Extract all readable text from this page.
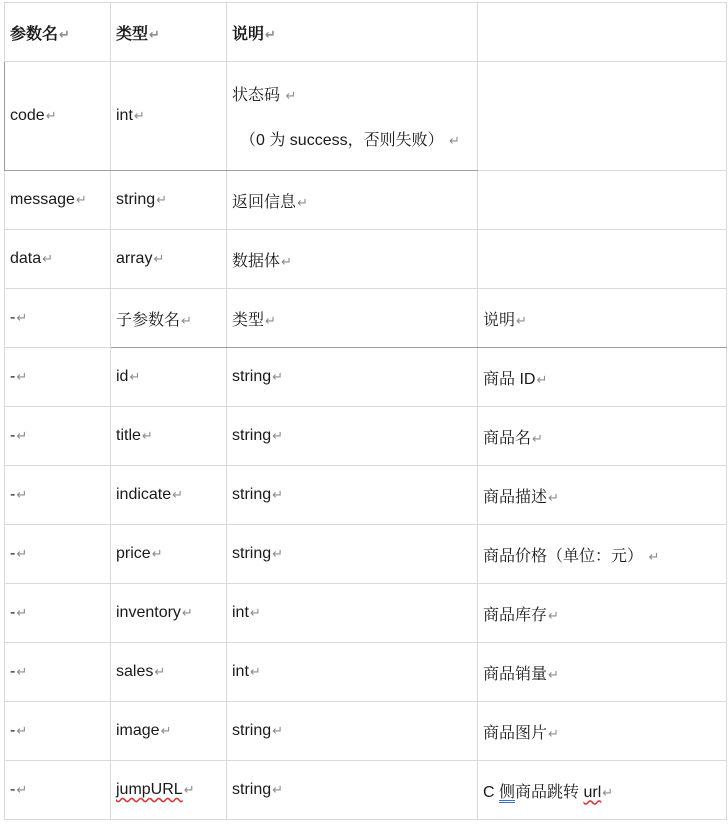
参数名↵	类型↵	说明↵	
code↵	int↵	状态码 ↵
（0 为 success，否则失败） ↵	

message↵	string↵	返回信息↵	
data↵	array↵	数据体↵	
-↵	子参数名↵	类型↵	说明↵
-↵	id↵	string↵	商品 ID↵
-↵	title↵	string↵	商品名↵
-↵	indicate↵	string↵	商品描述↵
-↵	price↵	string↵	商品价格（单位：元） ↵
-↵	inventory↵	int↵	商品库存↵
-↵	sales↵	int↵	商品销量↵
-↵	image↵	string↵	商品图片↵
-↵	jumpURL↵	string↵	C 侧商品跳转 url↵
